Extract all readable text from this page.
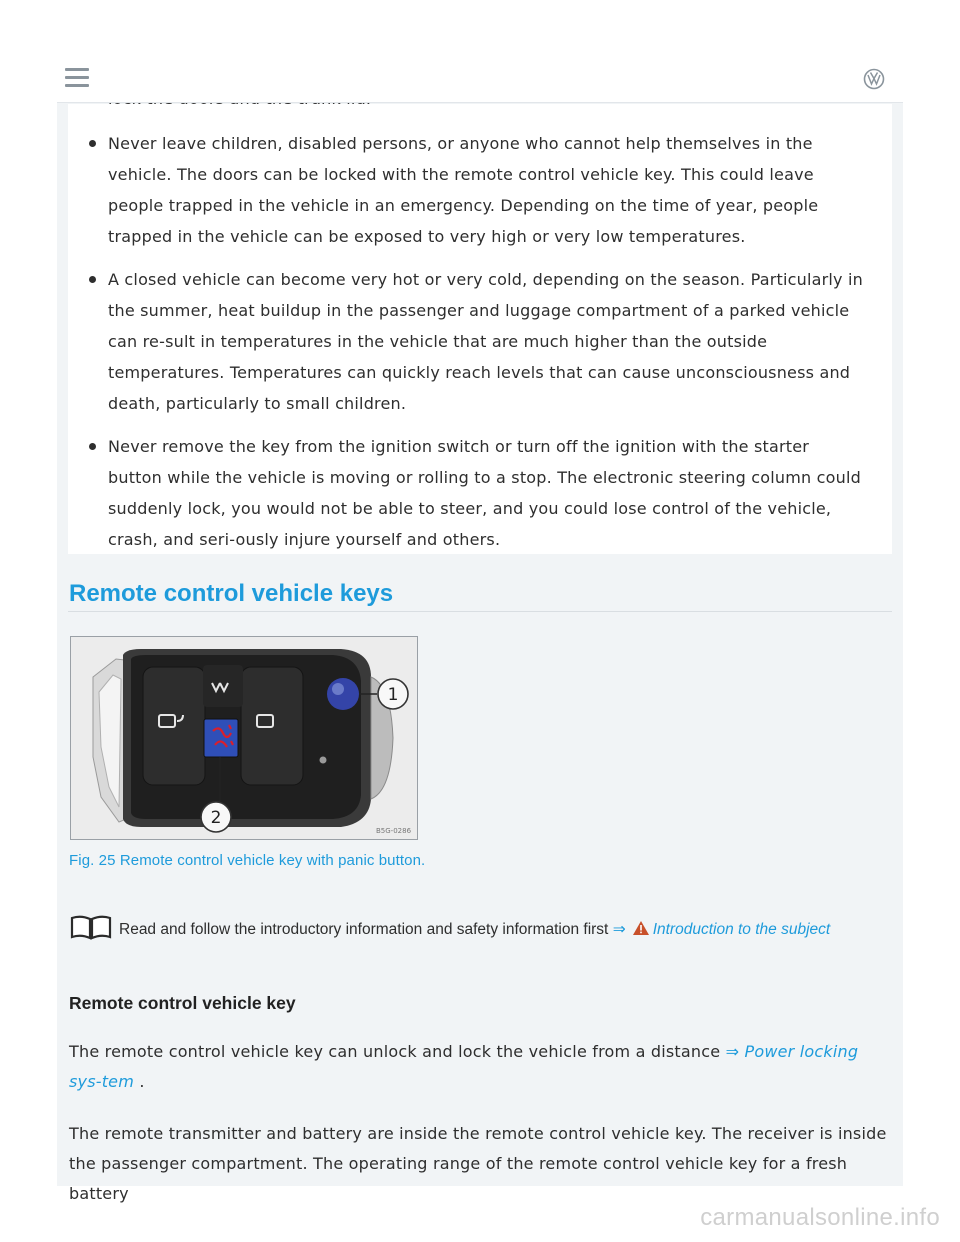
Never leave children, disabled persons, or anyone who cannot help themselves in the vehicle. The doors can be locked with the remote control vehicle key. This could leave people trapped in the vehicle in an emergency. Depending on the time of year, people trapped in the vehicle can be exposed to very high or very low temperatures.
A closed vehicle can become very hot or very cold, depending on the season. Particularly in the summer, heat buildup in the passenger and luggage compartment of a parked vehicle can re-sult in temperatures in the vehicle that are much higher than the outside temperatures. Temperatures can quickly reach levels that can cause unconsciousness and death, particularly to small children.
Never remove the key from the ignition switch or turn off the ignition with the starter button while the vehicle is moving or rolling to a stop. The electronic steering column could suddenly lock, you would not be able to steer, and you could lose control of the vehicle, crash, and seri-ously injure yourself and others.
Remote control vehicle keys
1
2
B5G-0286
Fig. 25 Remote control vehicle key with panic button.
Read and follow the introductory information and safety information first ⇒ Introduction to the subject
Remote control vehicle key

The remote control vehicle key can unlock and lock the vehicle from a distance ⇒ Power locking sys-tem .

The remote transmitter and battery are inside the remote control vehicle key. The receiver is inside the passenger compartment. The operating range of the remote control vehicle key for a fresh battery

carmanualsonline.info
